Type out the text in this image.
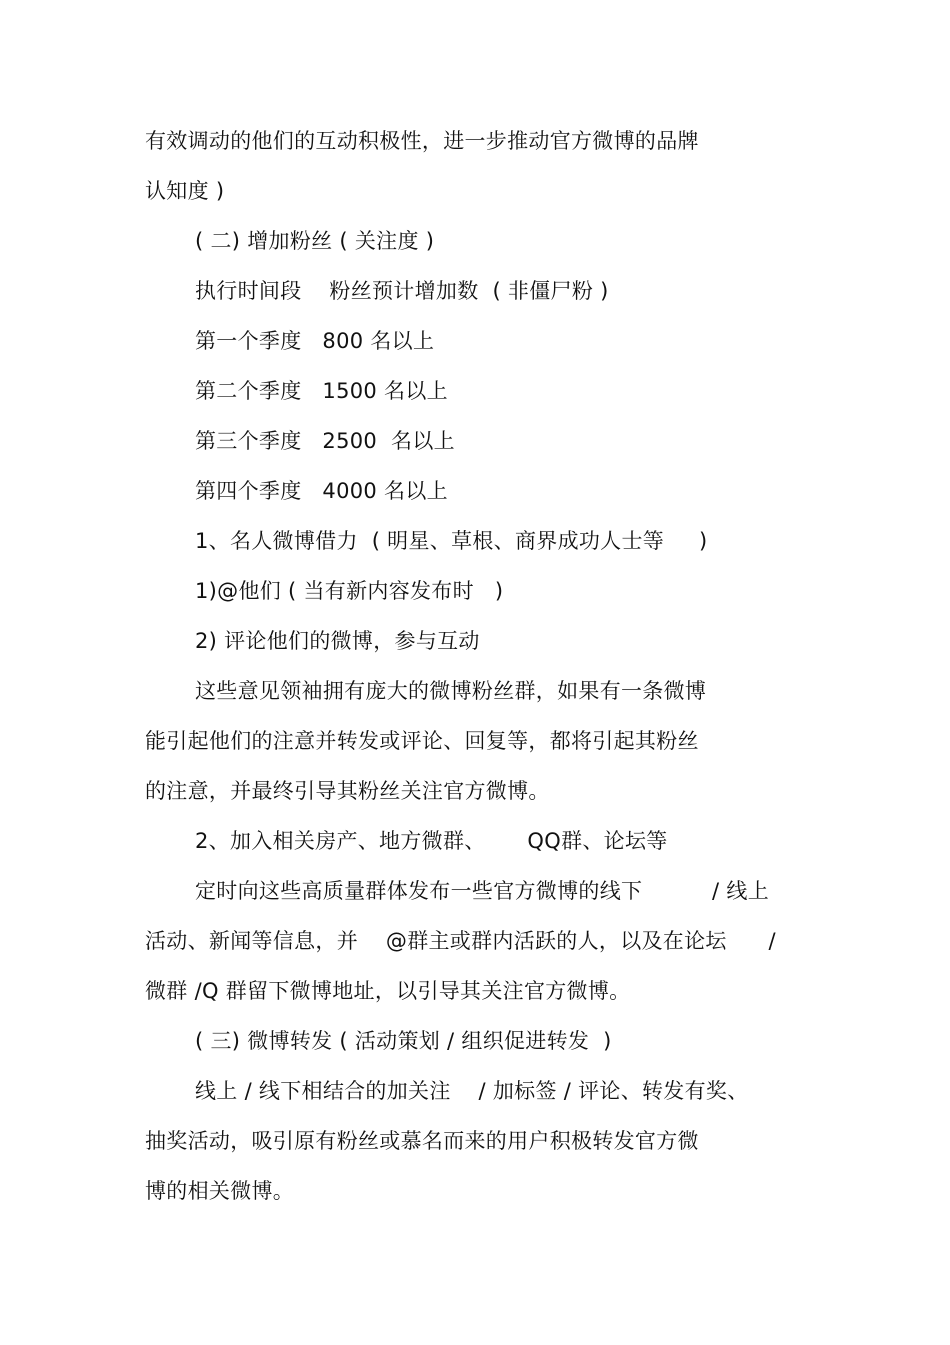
有效调动的他们的互动积极性，进一步推动官方微博的品牌
认知度 )
( 二) 增加粉丝 ( 关注度 )
执行时间段    粉丝预计增加数  ( 非僵尸粉 )
第一个季度   800 名以上
第二个季度   1500 名以上
第三个季度   2500  名以上
第四个季度   4000 名以上
1、名人微博借力  ( 明星、草根、商界成功人士等     )
1)@他们 ( 当有新内容发布时   )
2) 评论他们的微博，参与互动
这些意见领袖拥有庞大的微博粉丝群，如果有一条微博
能引起他们的注意并转发或评论、回复等，都将引起其粉丝
的注意，并最终引导其粉丝关注官方微博。
2、加入相关房产、地方微群、      QQ群、论坛等
定时向这些高质量群体发布一些官方微博的线下          / 线上
活动、新闻等信息，并    @群主或群内活跃的人，以及在论坛      /
微群 /Q 群留下微博地址，以引导其关注官方微博。
( 三) 微博转发 ( 活动策划 / 组织促进转发  )
线上 / 线下相结合的加关注    / 加标签 / 评论、转发有奖、
抽奖活动，吸引原有粉丝或慕名而来的用户积极转发官方微
博的相关微博。
